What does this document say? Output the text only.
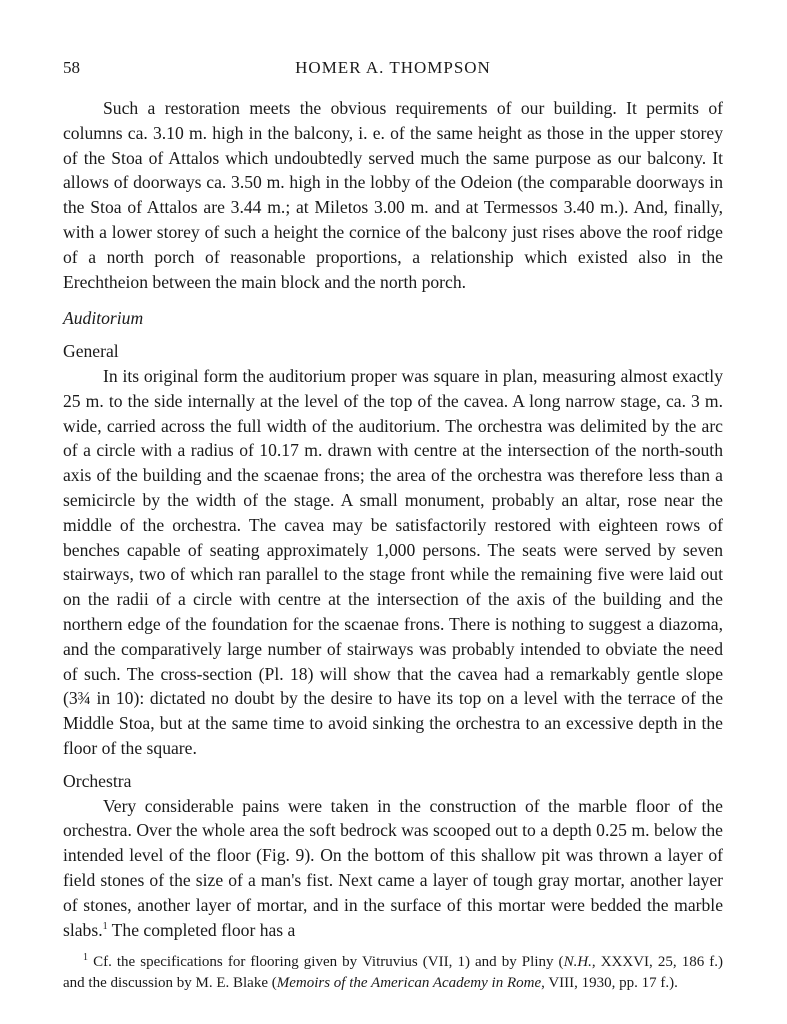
58	HOMER A. THOMPSON

Such a restoration meets the obvious requirements of our building. It permits of columns ca. 3.10 m. high in the balcony, i. e. of the same height as those in the upper storey of the Stoa of Attalos which undoubtedly served much the same purpose as our balcony. It allows of doorways ca. 3.50 m. high in the lobby of the Odeion (the comparable doorways in the Stoa of Attalos are 3.44 m.; at Miletos 3.00 m. and at Termessos 3.40 m.). And, finally, with a lower storey of such a height the cornice of the balcony just rises above the roof ridge of a north porch of reasonable proportions, a relationship which existed also in the Erechtheion between the main block and the north porch.

Auditorium
General

In its original form the auditorium proper was square in plan, measuring almost exactly 25 m. to the side internally at the level of the top of the cavea. A long narrow stage, ca. 3 m. wide, carried across the full width of the auditorium. The orchestra was delimited by the arc of a circle with a radius of 10.17 m. drawn with centre at the intersection of the north-south axis of the building and the scaenae frons; the area of the orchestra was therefore less than a semicircle by the width of the stage. A small monument, probably an altar, rose near the middle of the orchestra. The cavea may be satisfactorily restored with eighteen rows of benches capable of seating approximately 1,000 persons. The seats were served by seven stairways, two of which ran parallel to the stage front while the remaining five were laid out on the radii of a circle with centre at the intersection of the axis of the building and the northern edge of the foundation for the scaenae frons. There is nothing to suggest a diazoma, and the comparatively large number of stairways was probably intended to obviate the need of such. The cross-section (Pl. 18) will show that the cavea had a remarkably gentle slope (3¾ in 10): dictated no doubt by the desire to have its top on a level with the terrace of the Middle Stoa, but at the same time to avoid sinking the orchestra to an excessive depth in the floor of the square.

Orchestra

Very considerable pains were taken in the construction of the marble floor of the orchestra. Over the whole area the soft bedrock was scooped out to a depth 0.25 m. below the intended level of the floor (Fig. 9). On the bottom of this shallow pit was thrown a layer of field stones of the size of a man's fist. Next came a layer of tough gray mortar, another layer of stones, another layer of mortar, and in the surface of this mortar were bedded the marble slabs.$^1$ The completed floor has a

$^1$ Cf. the specifications for flooring given by Vitruvius (VII, 1) and by Pliny (N.H., XXXVI, 25, 186 f.) and the discussion by M. E. Blake (Memoirs of the American Academy in Rome, VIII, 1930, pp. 17 f.).
